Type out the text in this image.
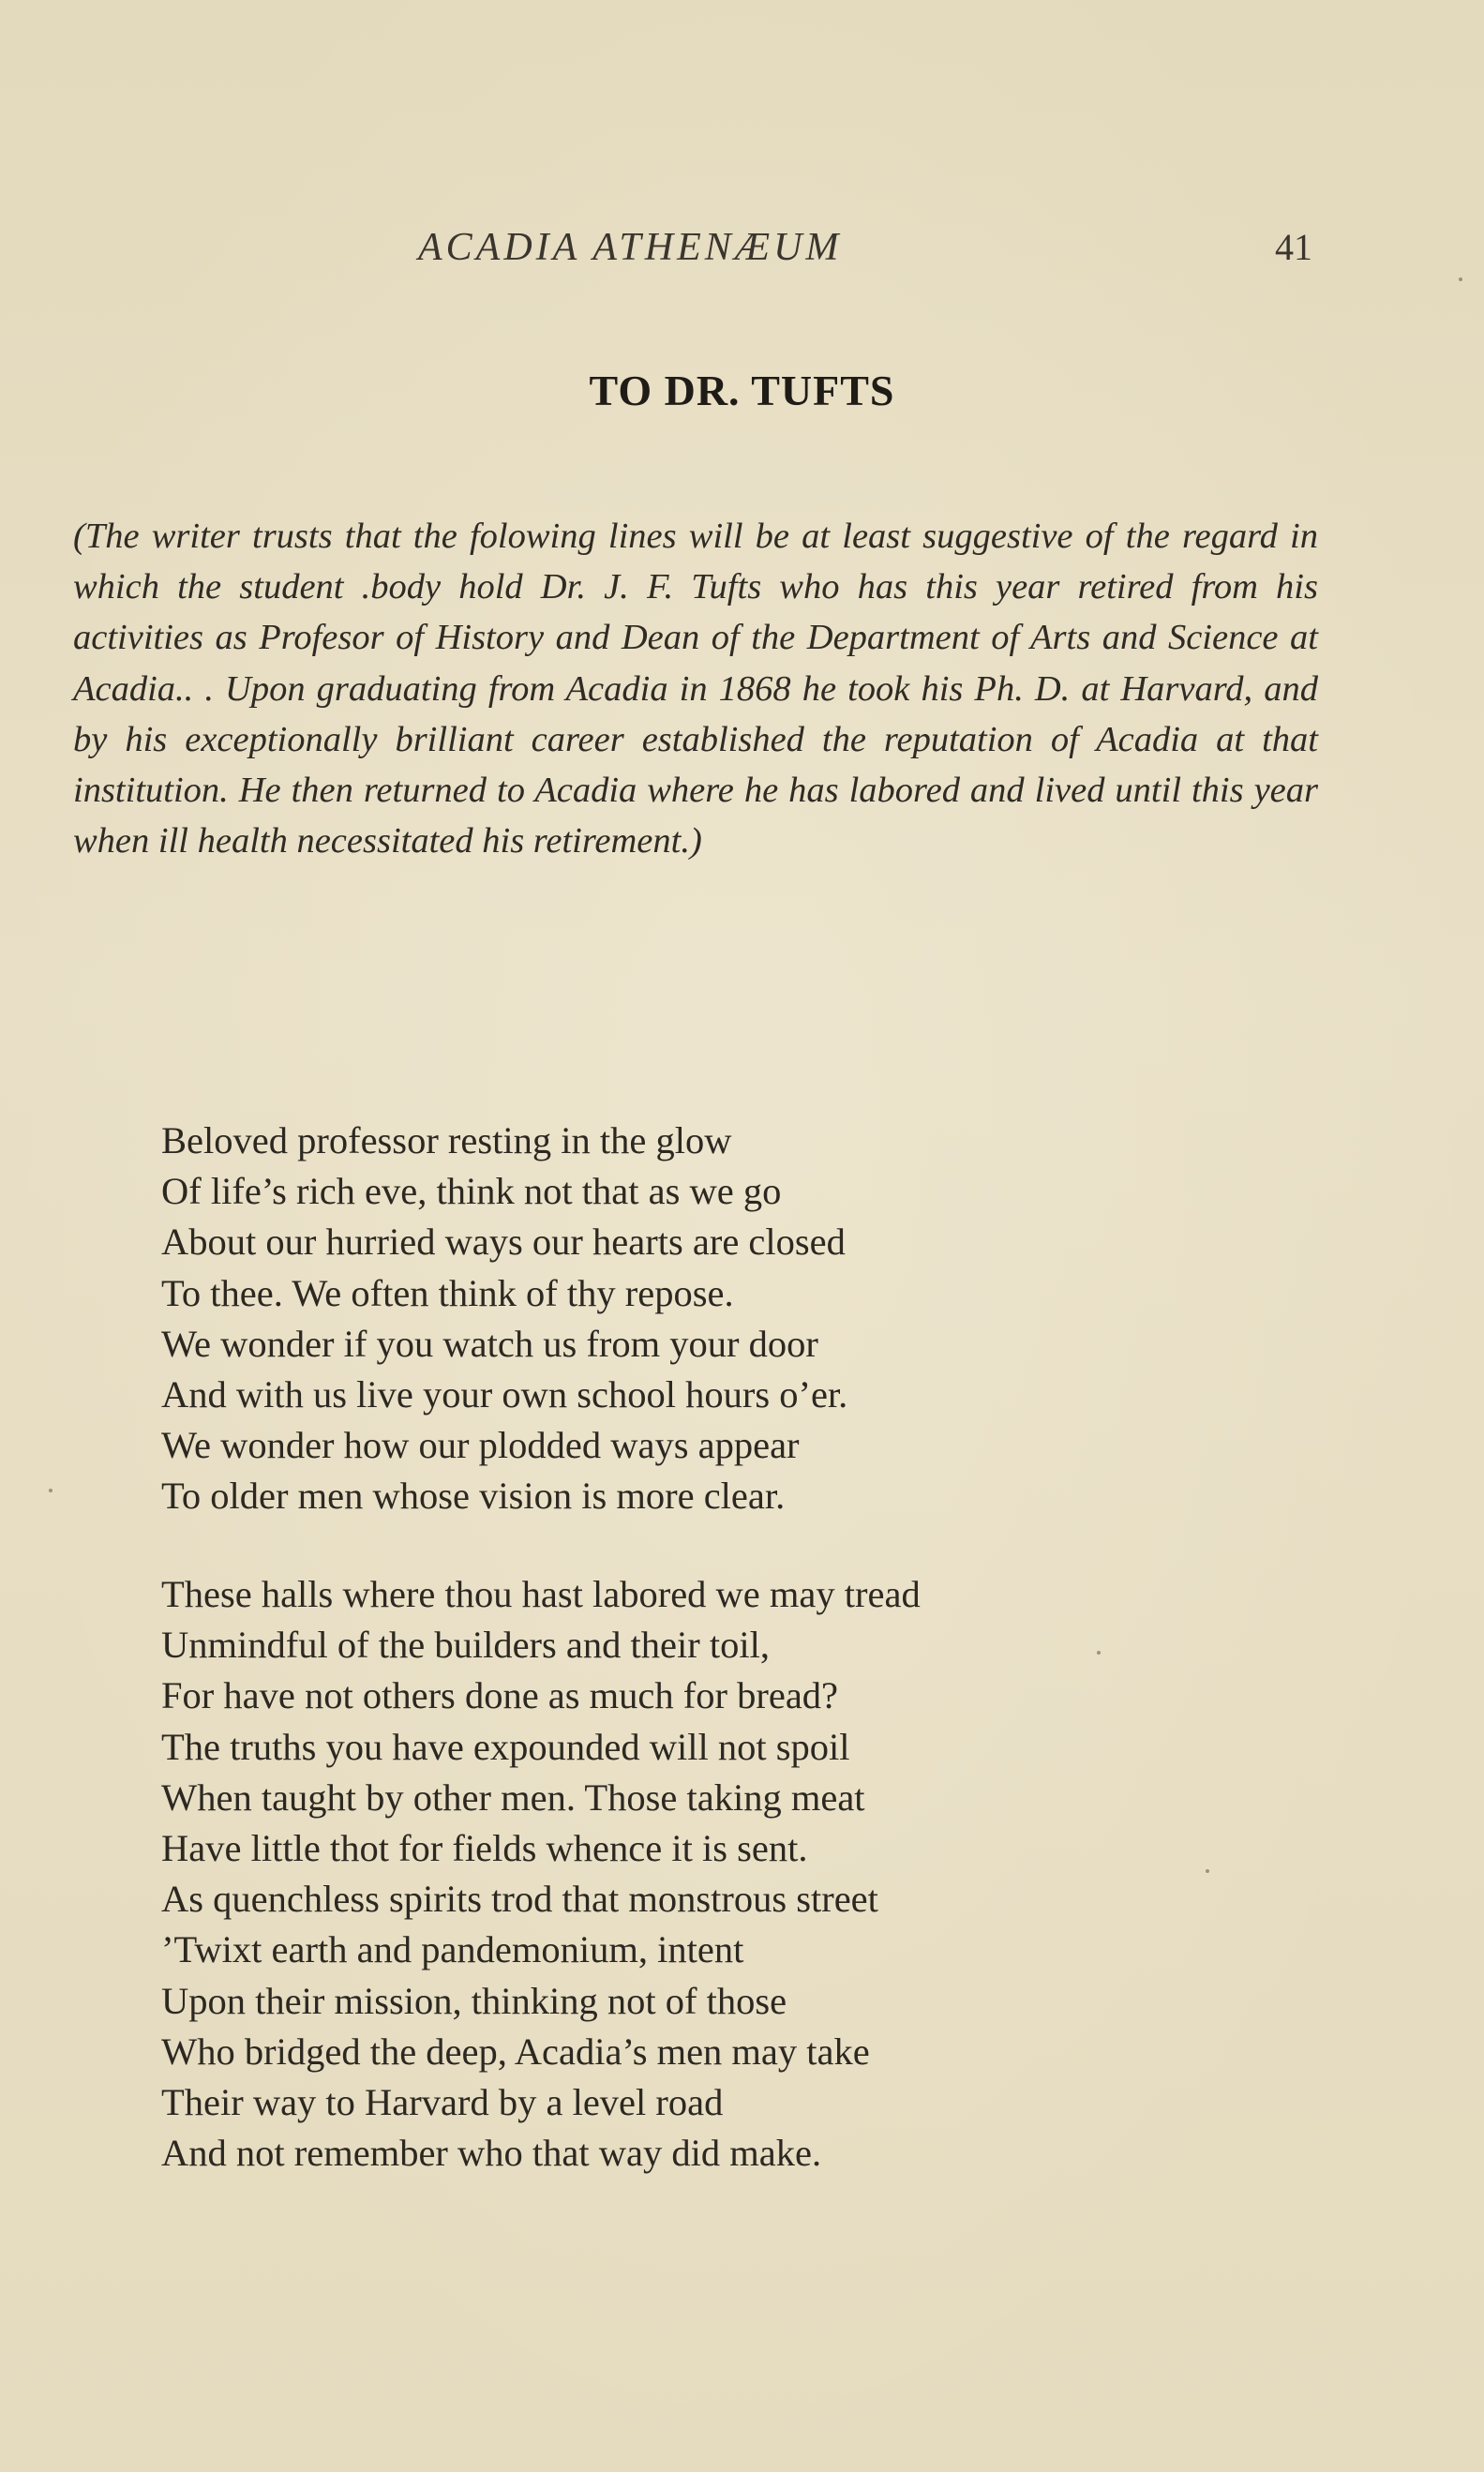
ACADIA ATHENÆUM	41
TO DR. TUFTS

(The writer trusts that the folowing lines will be at least suggestive of the regard in which the student .body hold Dr. J. F. Tufts who has this year retired from his activities as Profesor of History and Dean of the Department of Arts and Science at Acadia.. . Upon graduating from Acadia in 1868 he took his Ph. D. at Harvard, and by his exceptionally brilliant career established the reputation of Acadia at that institution. He then returned to Acadia where he has labored and lived until this year when ill health necessitated his retirement.)

Beloved professor resting in the glow
Of life’s rich eve, think not that as we go
About our hurried ways our hearts are closed
To thee. We often think of thy repose.
We wonder if you watch us from your door
And with us live your own school hours o’er.
We wonder how our plodded ways appear
To older men whose vision is more clear.
These halls where thou hast labored we may tread
Unmindful of the builders and their toil,
For have not others done as much for bread?
The truths you have expounded will not spoil
When taught by other men. Those taking meat
Have little thot for fields whence it is sent.
As quenchless spirits trod that monstrous street
’Twixt earth and pandemonium, intent
Upon their mission, thinking not of those
Who bridged the deep, Acadia’s men may take
Their way to Harvard by a level road
And not remember who that way did make.
